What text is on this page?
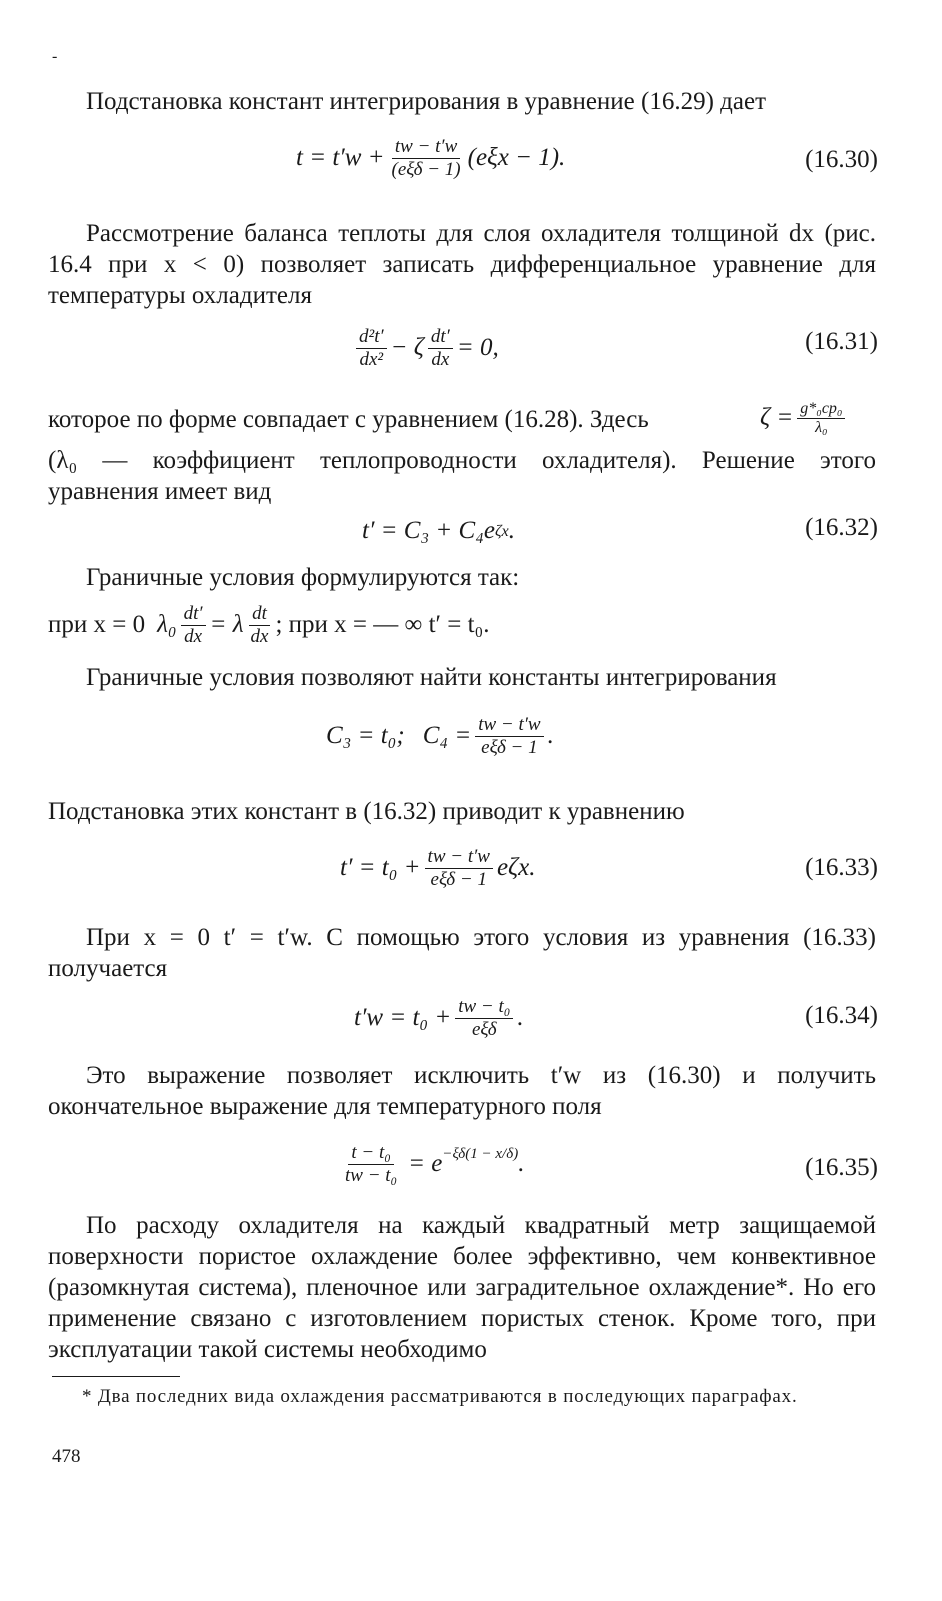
-

Подстановка констант интегрирования в уравнение (16.29) дает

$t = t'w + \frac{tw - t'w}{\text{(eξδ − 1)}} (e\xi x - 1)$.	(16.30)

Рассмотрение баланса теплоты для слоя охладителя толщиной dx (рис. 16.4 при x < 0) позволяет записать дифференциальное уравнение для температуры охладителя

$\frac{\text{d²t′}}{\text{dx²}} - \zeta \frac{dt'}{dx} = 0$,	(16.31)

которое по форме совпадает с уравнением (16.28). Здесь	$\zeta = \frac{\text{g*₀cp₀}}{\text{λ₀}}$

(λ₀ — коэффициент теплопроводности охладителя). Решение этого уравнения имеет вид

t′ = C₃ + C₄e ζx .	(16.32)

Граничные условия формулируются так:

при x = 0 $\lambda_0 \frac{dt'}{dx} = \lambda \frac{dt}{dx}$ ; при x = — ∞ t′ = t₀.

Граничные условия позволяют найти константы интегрирования

C₃ = t₀; $C_4 = \frac{tw - t'w}{\text{eξδ − 1}}$ .

Подстановка этих констант в (16.32) приводит к уравнению

$t' = t_0 + \frac{tw - t'w}{\text{eξδ − 1}} e\zeta x$.	(16.33)

При x = 0 t′ = t′w. С помощью этого условия из уравнения (16.33) получается

$t'w = t_0 + \frac{\text{tw − t₀}}{\text{eξδ}}$ .	(16.34)

Это выражение позволяет исключить t′w из (16.30) и получить окончательное выражение для температурного поля

$\frac{\text{t − t₀}}{\text{tw − t₀}} = e^{-\xi\delta(1 - x/\delta)}$ .	(16.35)

По расходу охладителя на каждый квадратный метр защищаемой поверхности пористое охлаждение более эффективно, чем конвективное (разомкнутая система), пленочное или заградительное охлаждение*. Но его применение связано с изготовлением пористых стенок. Кроме того, при эксплуатации такой системы необходимо

* Два последних вида охлаждения рассматриваются в последующих параграфах.

478
